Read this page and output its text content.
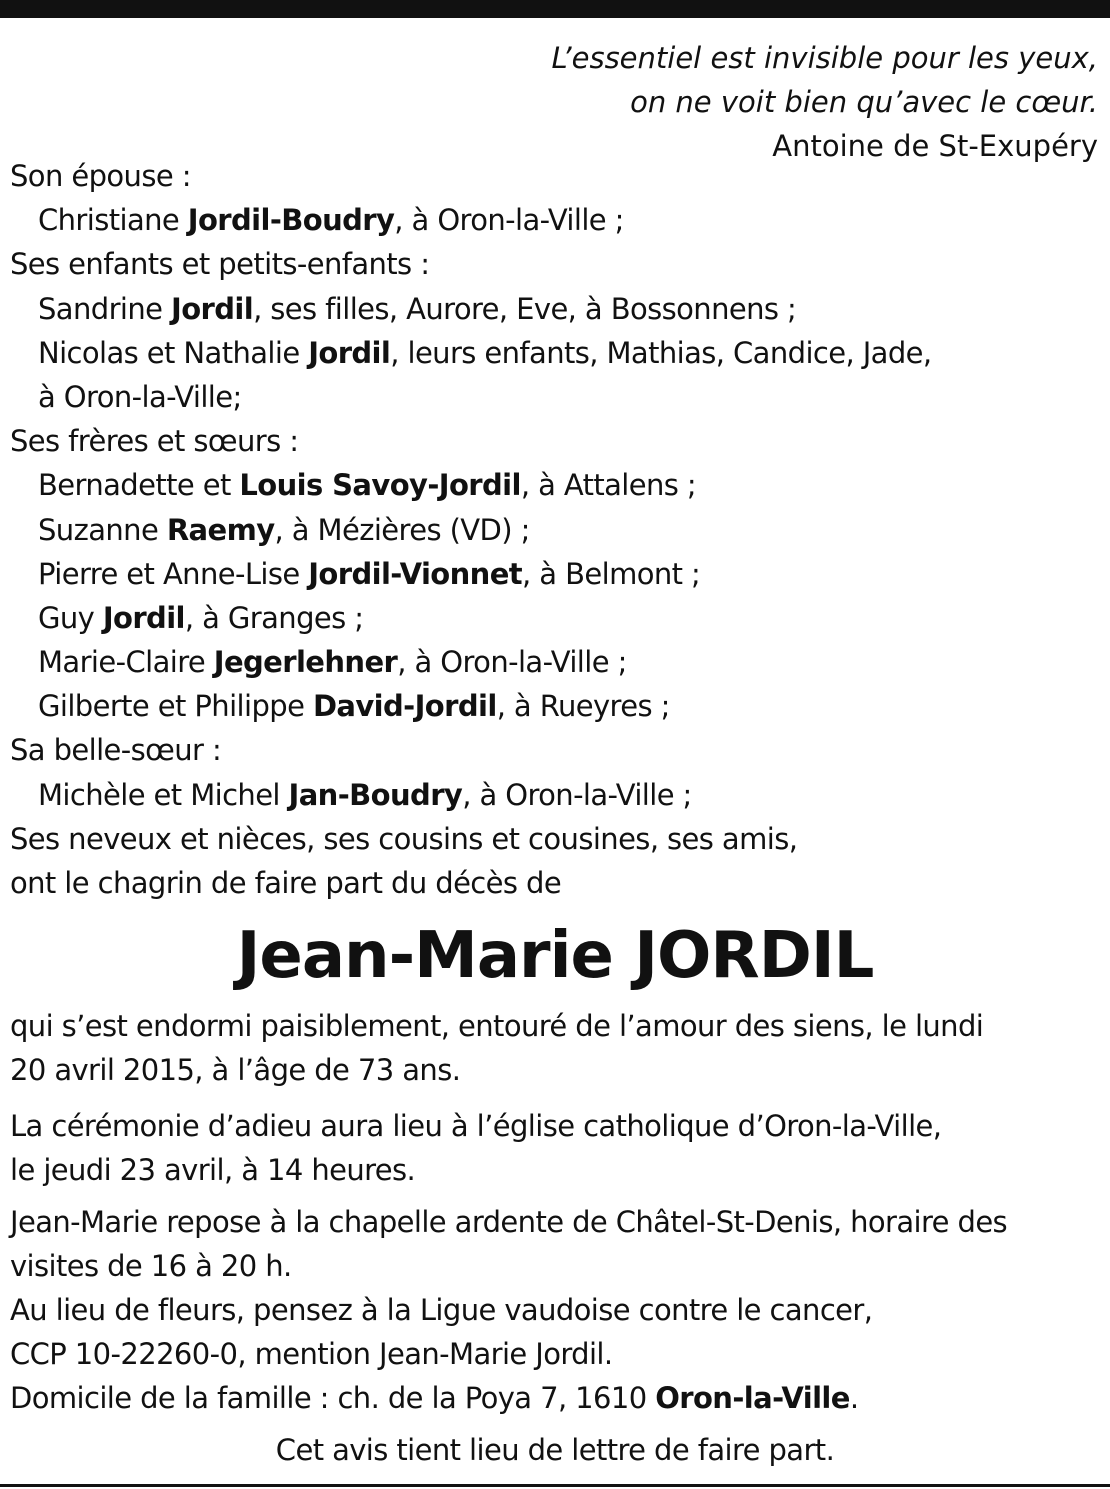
L’essentiel est invisible pour les yeux,
on ne voit bien qu’avec le cœur.
Antoine de St-Exupéry
Son épouse :
Christiane Jordil-Boudry, à Oron-la-Ville ;
Ses enfants et petits-enfants :
Sandrine Jordil, ses filles, Aurore, Eve, à Bossonnens ;
Nicolas et Nathalie Jordil, leurs enfants, Mathias, Candice, Jade,
à Oron-la-Ville;
Ses frères et sœurs :
Bernadette et Louis Savoy-Jordil, à Attalens ;
Suzanne Raemy, à Mézières (VD) ;
Pierre et Anne-Lise Jordil-Vionnet, à Belmont ;
Guy Jordil, à Granges ;
Marie-Claire Jegerlehner, à Oron-la-Ville ;
Gilberte et Philippe David-Jordil, à Rueyres ;
Sa belle-sœur :
Michèle et Michel Jan-Boudry, à Oron-la-Ville ;
Ses neveux et nièces, ses cousins et cousines, ses amis,
ont le chagrin de faire part du décès de
Jean-Marie JORDIL
qui s’est endormi paisiblement, entouré de l’amour des siens, le lundi
20 avril 2015, à l’âge de 73 ans.
La cérémonie d’adieu aura lieu à l’église catholique d’Oron-la-Ville,
le jeudi 23 avril, à 14 heures.
Jean-Marie repose à la chapelle ardente de Châtel-St-Denis, horaire des
visites de 16 à 20 h.
Au lieu de fleurs, pensez à la Ligue vaudoise contre le cancer,
CCP 10-22260-0, mention Jean-Marie Jordil.
Domicile de la famille : ch. de la Poya 7, 1610 Oron-la-Ville.
Cet avis tient lieu de lettre de faire part.
